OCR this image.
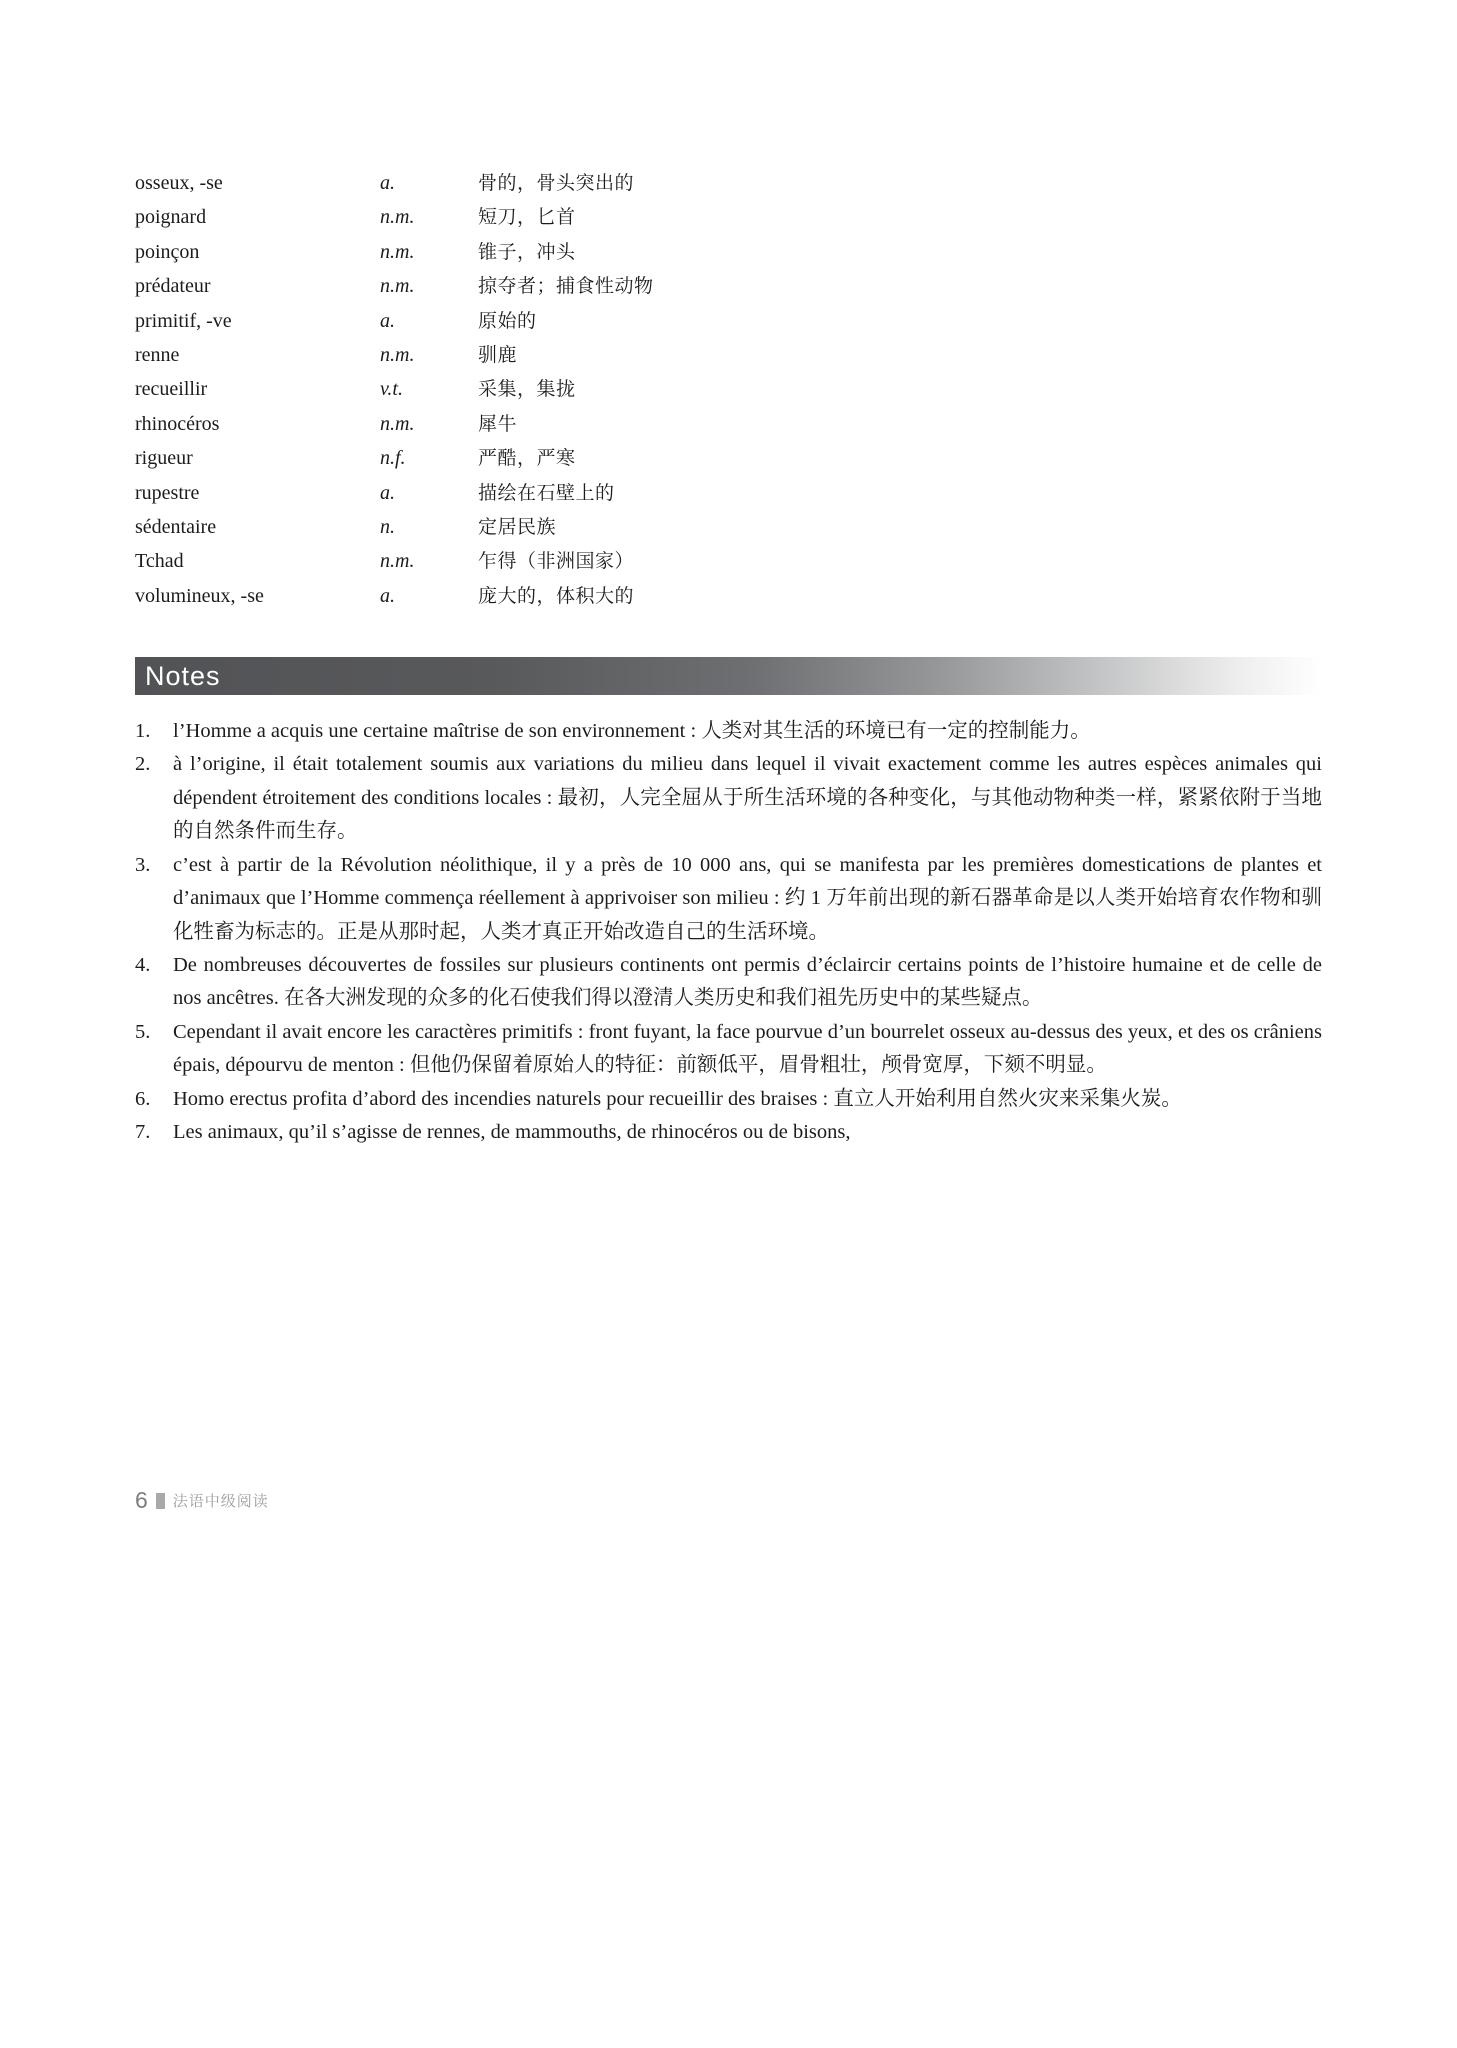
osseux, -se	a.	骨的，骨头突出的
poignard	n.m.	短刀，匕首
poinçon	n.m.	锥子，冲头
prédateur	n.m.	掠夺者；捕食性动物
primitif, -ve	a.	原始的
renne	n.m.	驯鹿
recueillir	v.t.	采集，集拢
rhinocéros	n.m.	犀牛
rigueur	n.f.	严酷，严寒
rupestre	a.	描绘在石壁上的
sédentaire	n.	定居民族
Tchad	n.m.	乍得（非洲国家）
volumineux, -se	a.	庞大的，体积大的
Notes
1.	l’Homme a acquis une certaine maîtrise de son environnement : 人类对其生活的环境已有一定的控制能力。
2.	à l’origine, il était totalement soumis aux variations du milieu dans lequel il vivait exactement comme les autres espèces animales qui dépendent étroitement des conditions locales : 最初，人完全屈从于所生活环境的各种变化，与其他动物种类一样，紧紧依附于当地的自然条件而生存。
3.	c’est à partir de la Révolution néolithique, il y a près de 10 000 ans, qui se manifesta par les premières domestications de plantes et d’animaux que l’Homme commença réellement à apprivoiser son milieu : 约 1 万年前出现的新石器革命是以人类开始培育农作物和驯化牲畜为标志的。正是从那时起，人类才真正开始改造自己的生活环境。
4.	De nombreuses découvertes de fossiles sur plusieurs continents ont permis d’éclaircir certains points de l’histoire humaine et de celle de nos ancêtres. 在各大洲发现的众多的化石使我们得以澄清人类历史和我们祖先历史中的某些疑点。
5.	Cependant il avait encore les caractères primitifs : front fuyant, la face pourvue d’un bourrelet osseux au-dessus des yeux, et des os crâniens épais, dépourvu de menton : 但他仍保留着原始人的特征：前额低平，眉骨粗壮，颅骨宽厚，下颏不明显。
6.	Homo erectus profita d’abord des incendies naturels pour recueillir des braises : 直立人开始利用自然火灾来采集火炭。
7.	Les animaux, qu’il s’agisse de rennes, de mammouths, de rhinocéros ou de bisons,
6 法语中级阅读
